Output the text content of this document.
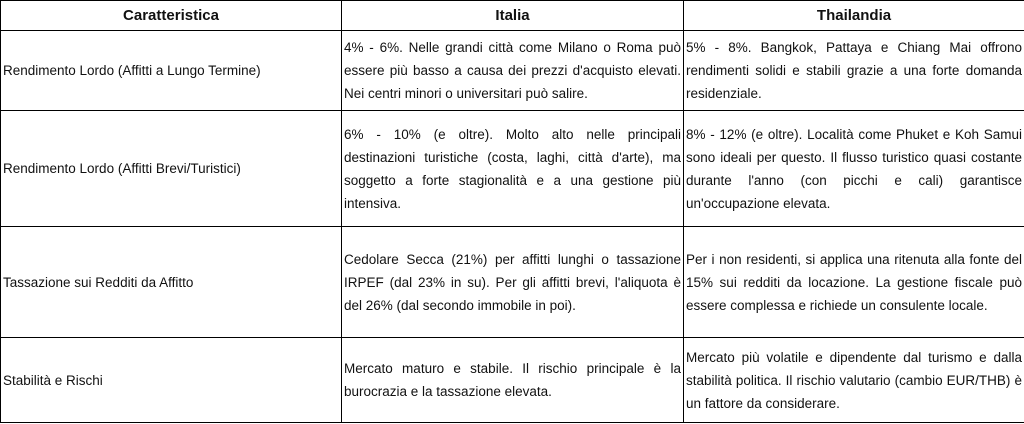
Caratteristica	Italia	Thailandia
Rendimento Lordo (Affitti a Lungo Termine)	4% - 6%. Nelle grandi città come Milano o Roma può essere più basso a causa dei prezzi d'acquisto elevati. Nei centri minori o universitari può salire.	5% - 8%. Bangkok, Pattaya e Chiang Mai offrono rendimenti solidi e stabili grazie a una forte domanda residenziale.
Rendimento Lordo (Affitti Brevi/Turistici)	6% - 10% (e oltre). Molto alto nelle principali destinazioni turistiche (costa, laghi, città d'arte), ma soggetto a forte stagionalità e a una gestione più intensiva.	8% - 12% (e oltre). Località come Phuket e Koh Samui sono ideali per questo. Il flusso turistico quasi costante durante l'anno (con picchi e cali) garantisce un'occupazione elevata.
Tassazione sui Redditi da Affitto	Cedolare Secca (21%) per affitti lunghi o tassazione IRPEF (dal 23% in su). Per gli affitti brevi, l'aliquota è del 26% (dal secondo immobile in poi).	Per i non residenti, si applica una ritenuta alla fonte del 15% sui redditi da locazione. La gestione fiscale può essere complessa e richiede un consulente locale.
Stabilità e Rischi	Mercato maturo e stabile. Il rischio principale è la burocrazia e la tassazione elevata.	Mercato più volatile e dipendente dal turismo e dalla stabilità politica. Il rischio valutario (cambio EUR/THB) è un fattore da considerare.
